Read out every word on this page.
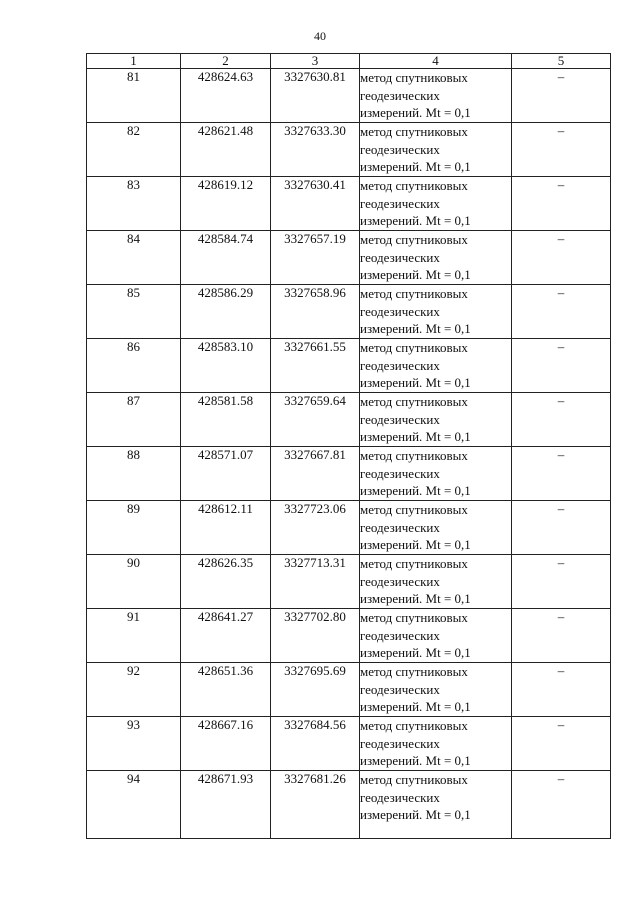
40
1	2	3	4	5
81	428624.63	3327630.81	метод спутниковых
геодезических
измерений. Mt = 0,1	–
82	428621.48	3327633.30	метод спутниковых
геодезических
измерений. Mt = 0,1	–
83	428619.12	3327630.41	метод спутниковых
геодезических
измерений. Mt = 0,1	–
84	428584.74	3327657.19	метод спутниковых
геодезических
измерений. Mt = 0,1	–
85	428586.29	3327658.96	метод спутниковых
геодезических
измерений. Mt = 0,1	–
86	428583.10	3327661.55	метод спутниковых
геодезических
измерений. Mt = 0,1	–
87	428581.58	3327659.64	метод спутниковых
геодезических
измерений. Mt = 0,1	–
88	428571.07	3327667.81	метод спутниковых
геодезических
измерений. Mt = 0,1	–
89	428612.11	3327723.06	метод спутниковых
геодезических
измерений. Mt = 0,1	–
90	428626.35	3327713.31	метод спутниковых
геодезических
измерений. Mt = 0,1	–
91	428641.27	3327702.80	метод спутниковых
геодезических
измерений. Mt = 0,1	–
92	428651.36	3327695.69	метод спутниковых
геодезических
измерений. Mt = 0,1	–
93	428667.16	3327684.56	метод спутниковых
геодезических
измерений. Mt = 0,1	–
94	428671.93	3327681.26	метод спутниковых
геодезических
измерений. Mt = 0,1	–
